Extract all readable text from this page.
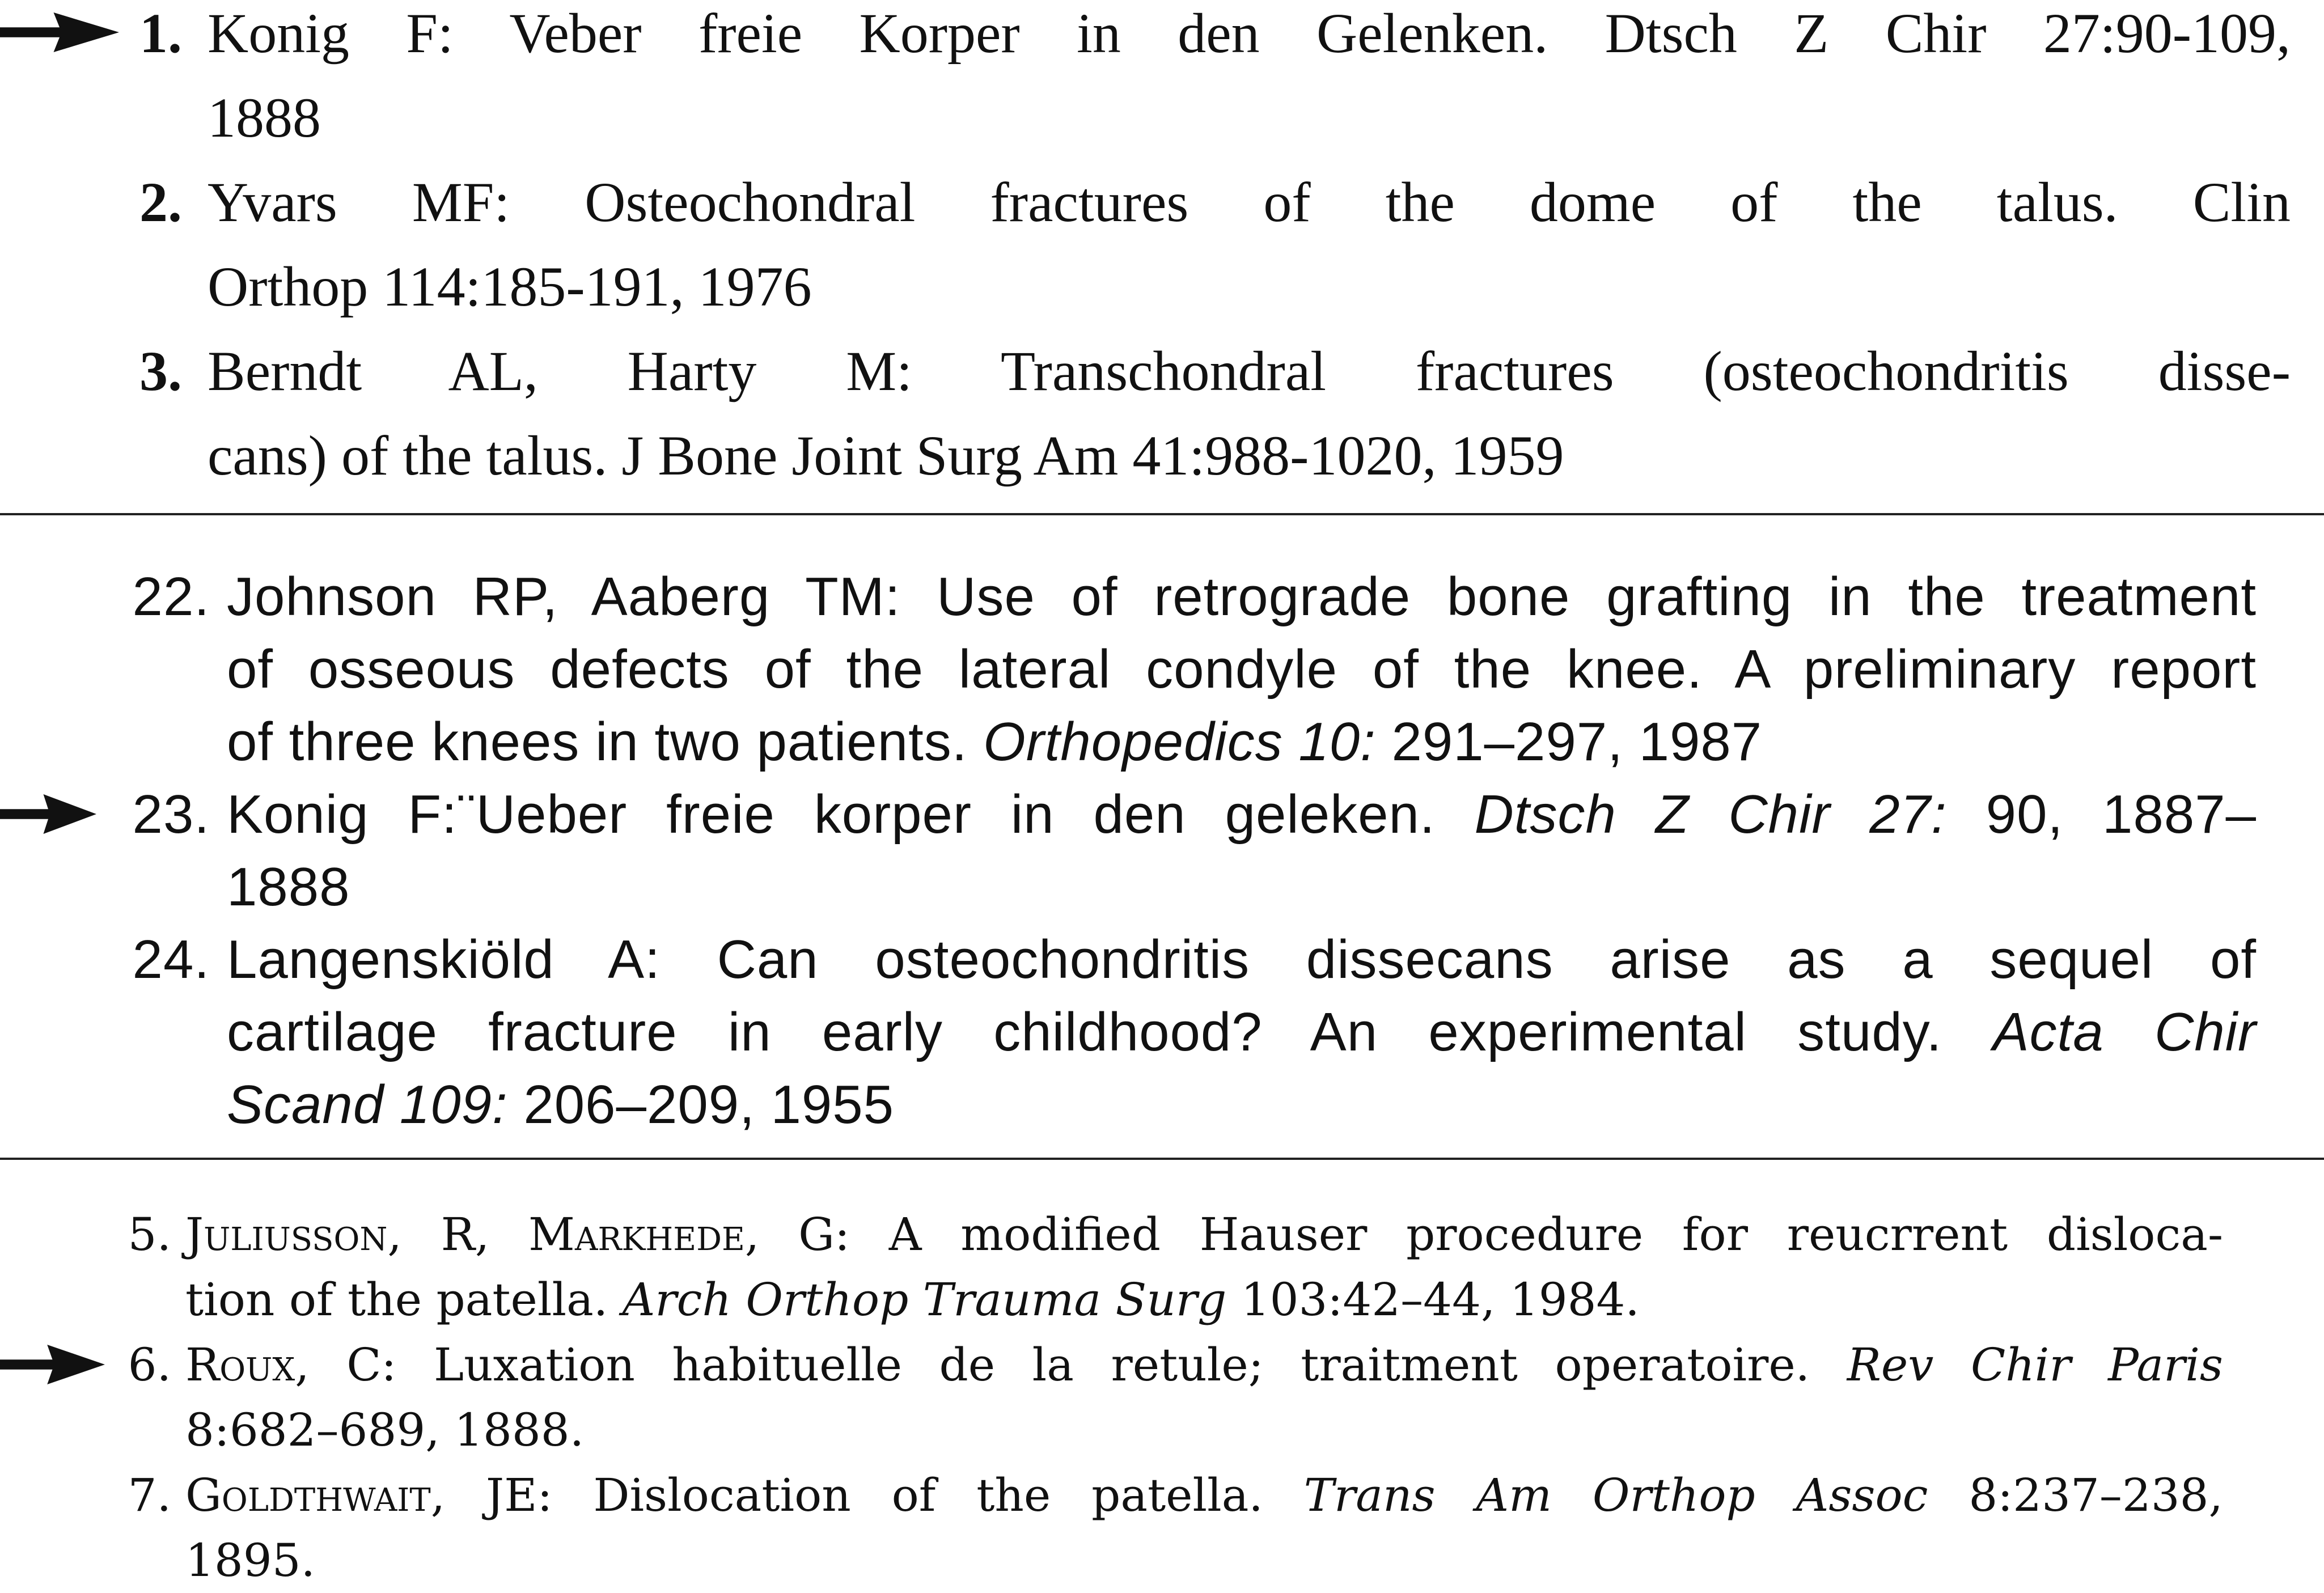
1. Konig F: Veber freie Korper in den Gelenken. Dtsch Z Chir 27:90-109,
1888
2. Yvars MF: Osteochondral fractures of the dome of the talus. Clin
Orthop 114:185-191, 1976
3. Berndt AL, Harty M: Transchondral fractures (osteochondritis disse-
cans) of the talus. J Bone Joint Surg Am 41:988-1020, 1959
22. Johnson RP, Aaberg TM: Use of retrograde bone grafting in the treatment
of osseous defects of the lateral condyle of the knee. A preliminary report
of three knees in two patients. Orthopedics 10: 291–297, 1987
23. Konig F:¨Ueber freie korper in den geleken. Dtsch Z Chir 27: 90, 1887–
1888
24. Langenskiöld A: Can osteochondritis dissecans arise as a sequel of
cartilage fracture in early childhood? An experimental study. Acta Chir
Scand 109: 206–209, 1955
5. Juliusson, R, Markhede, G: A modified Hauser procedure for reucrrent disloca-
tion of the patella. Arch Orthop Trauma Surg 103:42–44, 1984.
6. Roux, C: Luxation habituelle de la retule; traitment operatoire. Rev Chir Paris
8:682–689, 1888.
7. Goldthwait, JE: Dislocation of the patella. Trans Am Orthop Assoc 8:237–238,
1895.
